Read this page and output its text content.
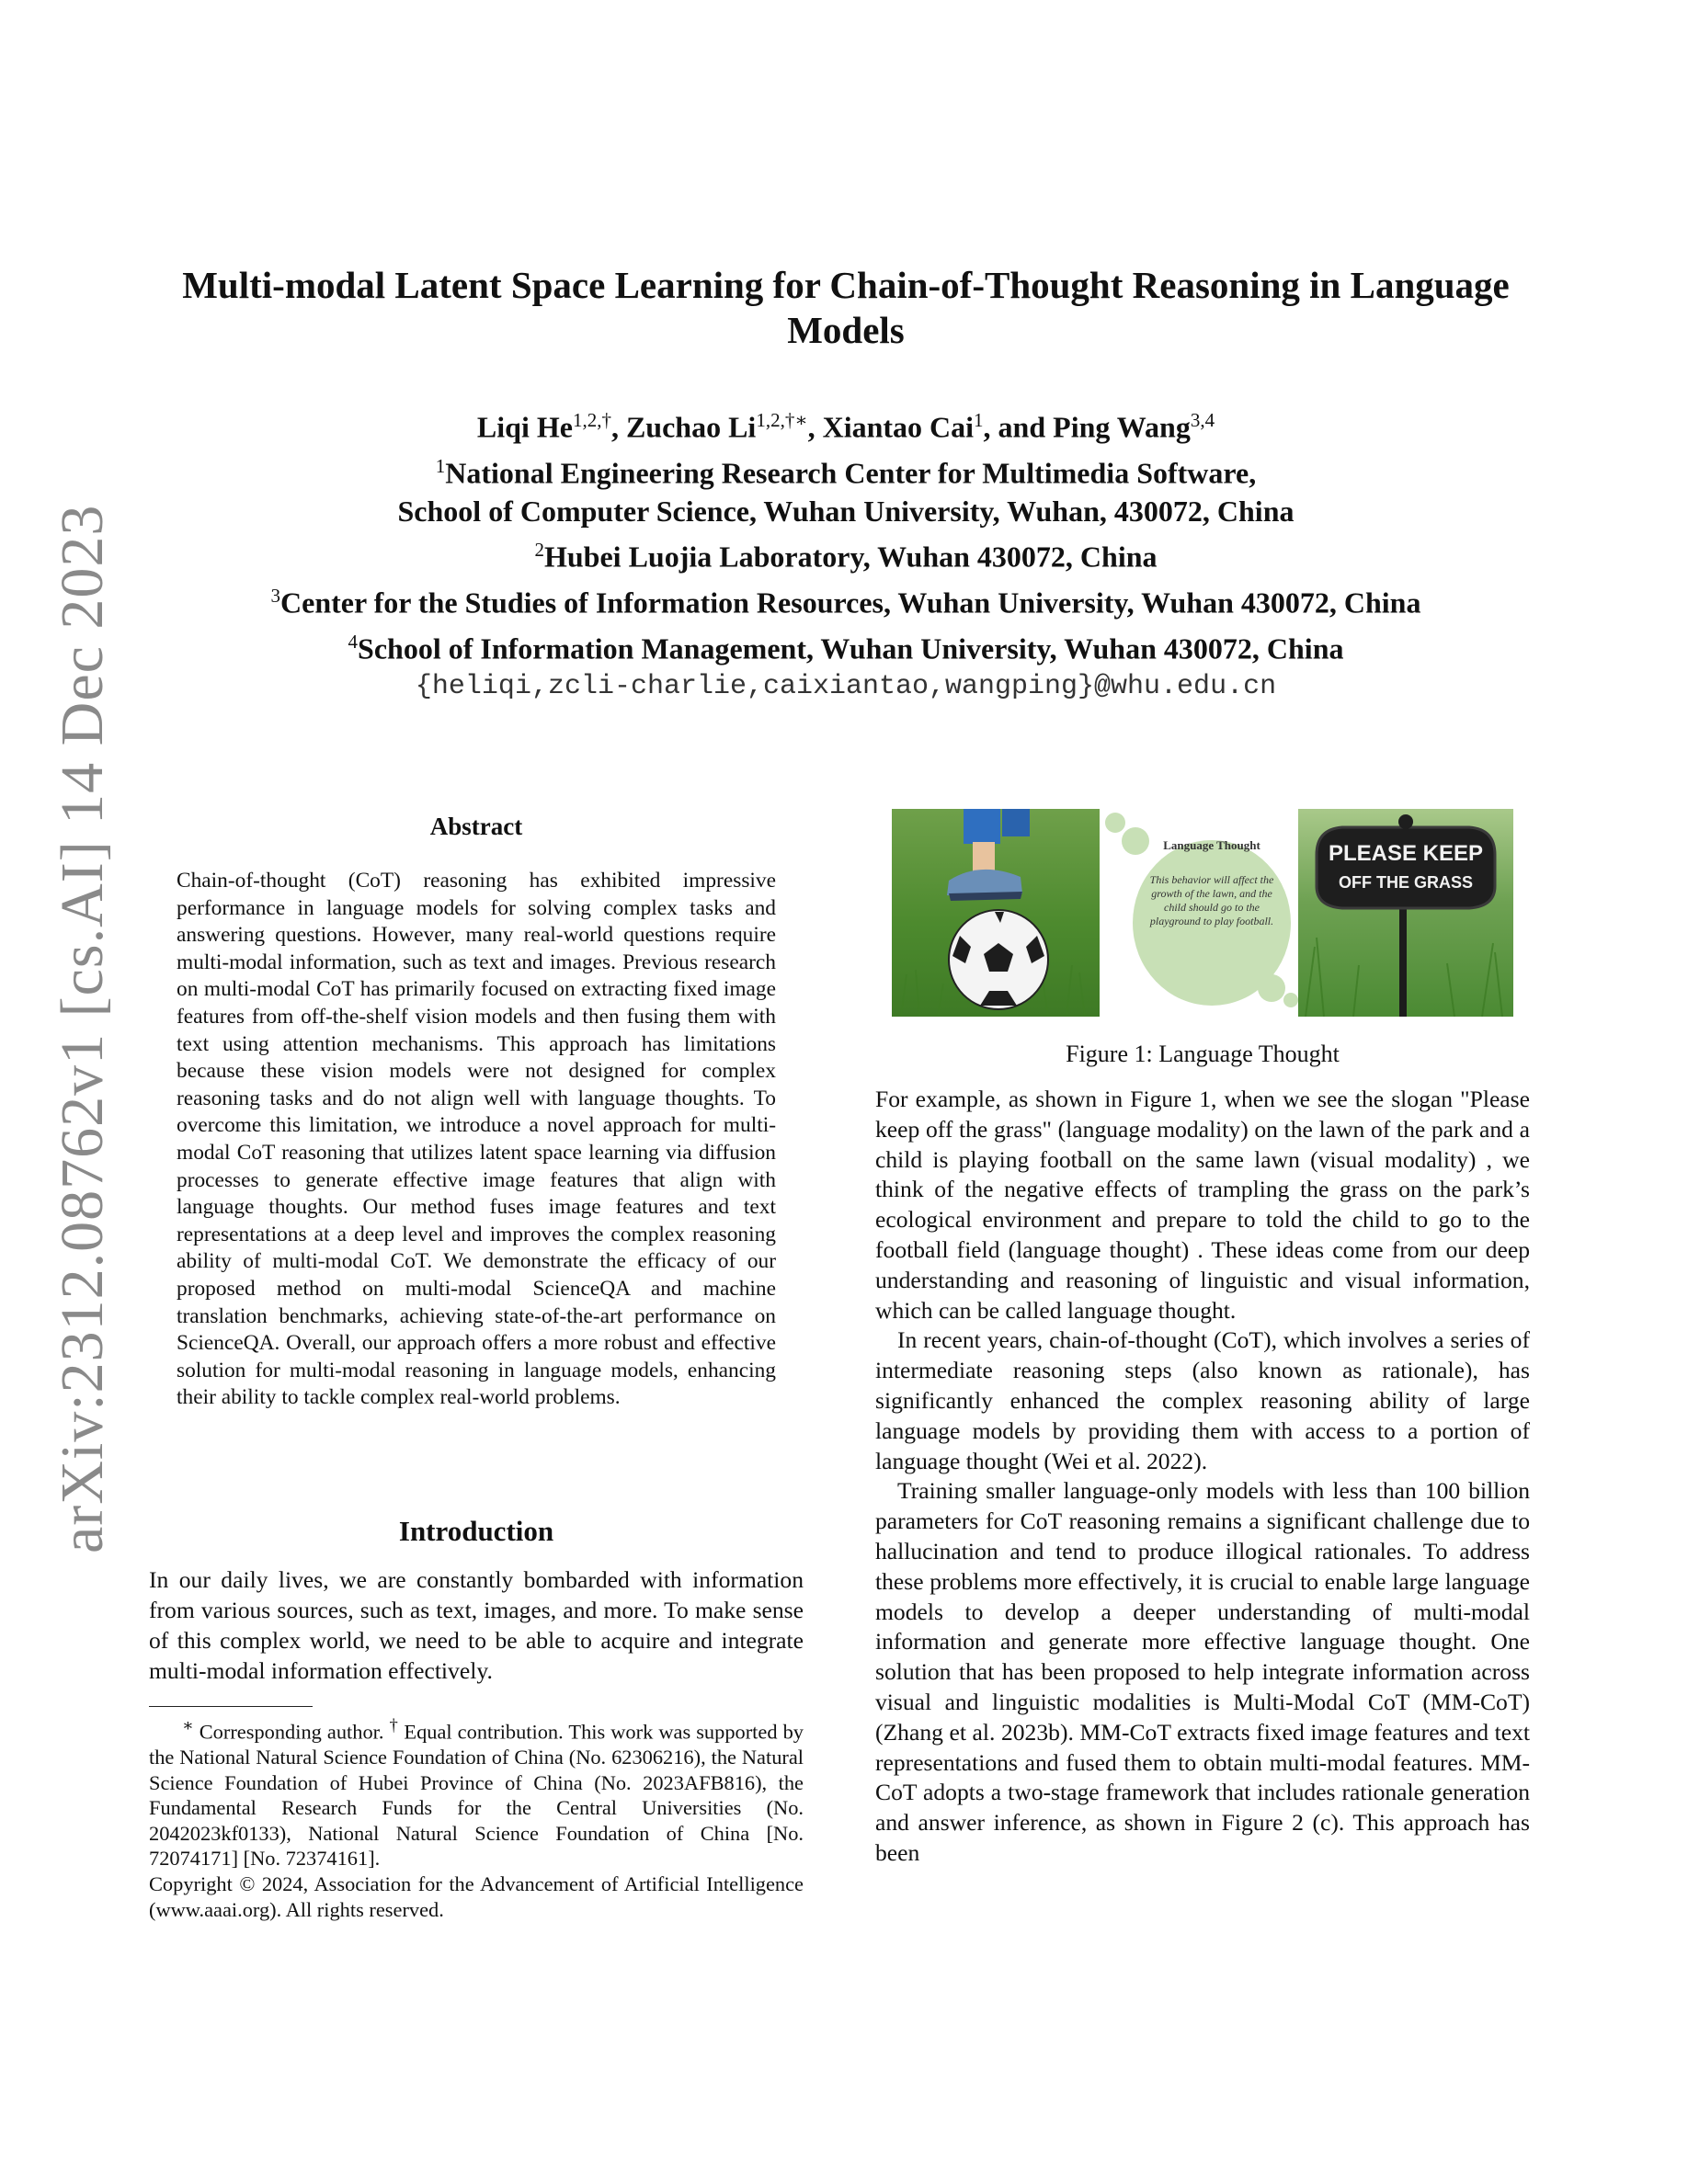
arXiv:2312.08762v1 [cs.AI] 14 Dec 2023
Multi-modal Latent Space Learning for Chain-of-Thought Reasoning in Language Models
Liqi $He^{1,2,\dagger}$, Zuchao $Li^{1,2,\dagger∗}$, Xiantao Cai$^1$, and Ping Wang$^{3,4}$
$^1$National Engineering Research Center for Multimedia Software,
School of Computer Science, Wuhan University, Wuhan, 430072, China
$^2$Hubei Luojia Laboratory, Wuhan 430072, China
$^3$Center for the Studies of Information Resources, Wuhan University, Wuhan 430072, China
$^4$School of Information Management, Wuhan University, Wuhan 430072, China
{heliqi,zcli-charlie,caixiantao,wangping}@whu.edu.cn
Abstract
Chain-of-thought (CoT) reasoning has exhibited impressive performance in language models for solving complex tasks and answering questions. However, many real-world questions require multi-modal information, such as text and images. Previous research on multi-modal CoT has primarily focused on extracting fixed image features from off-the-shelf vision models and then fusing them with text using attention mechanisms. This approach has limitations because these vision models were not designed for complex reasoning tasks and do not align well with language thoughts. To overcome this limitation, we introduce a novel approach for multi-modal CoT reasoning that utilizes latent space learning via diffusion processes to generate effective image features that align with language thoughts. Our method fuses image features and text representations at a deep level and improves the complex reasoning ability of multi-modal CoT. We demonstrate the efficacy of our proposed method on multi-modal ScienceQA and machine translation benchmarks, achieving state-of-the-art performance on ScienceQA. Overall, our approach offers a more robust and effective solution for multi-modal reasoning in language models, enhancing their ability to tackle complex real-world problems.
Introduction
In our daily lives, we are constantly bombarded with information from various sources, such as text, images, and more. To make sense of this complex world, we need to be able to acquire and integrate multi-modal information effectively.
∗ Corresponding author. † Equal contribution. This work was supported by the National Natural Science Foundation of China (No. 62306216), the Natural Science Foundation of Hubei Province of China (No. 2023AFB816), the Fundamental Research Funds for the Central Universities (No. 2042023kf0133), National Natural Science Foundation of China [No. 72074171] [No. 72374161].
Copyright © 2024, Association for the Advancement of Artificial Intelligence (www.aaai.org). All rights reserved.
Language Thought
This behavior will affect the growth of the lawn, and the child should go to the playground to play football.
PLEASE KEEP
OFF THE GRASS
Figure 1: Language Thought

For example, as shown in Figure 1, when we see the slogan "Please keep off the grass" (language modality) on the lawn of the park and a child is playing football on the same lawn (visual modality) , we think of the negative effects of trampling the grass on the park’s ecological environment and prepare to told the child to go to the football field (language thought) . These ideas come from our deep understanding and reasoning of linguistic and visual information, which can be called language thought.

In recent years, chain-of-thought (CoT), which involves a series of intermediate reasoning steps (also known as rationale), has significantly enhanced the complex reasoning ability of large language models by providing them with access to a portion of language thought (Wei et al. 2022).

Training smaller language-only models with less than 100 billion parameters for CoT reasoning remains a significant challenge due to hallucination and tend to produce illogical rationales. To address these problems more effectively, it is crucial to enable large language models to develop a deeper understanding of multi-modal information and generate more effective language thought. One solution that has been proposed to help integrate information across visual and linguistic modalities is Multi-Modal CoT (MM-CoT) (Zhang et al. 2023b). MM-CoT extracts fixed image features and text representations and fused them to obtain multi-modal features. MM-CoT adopts a two-stage framework that includes rationale generation and answer inference, as shown in Figure 2 (c). This approach has been
